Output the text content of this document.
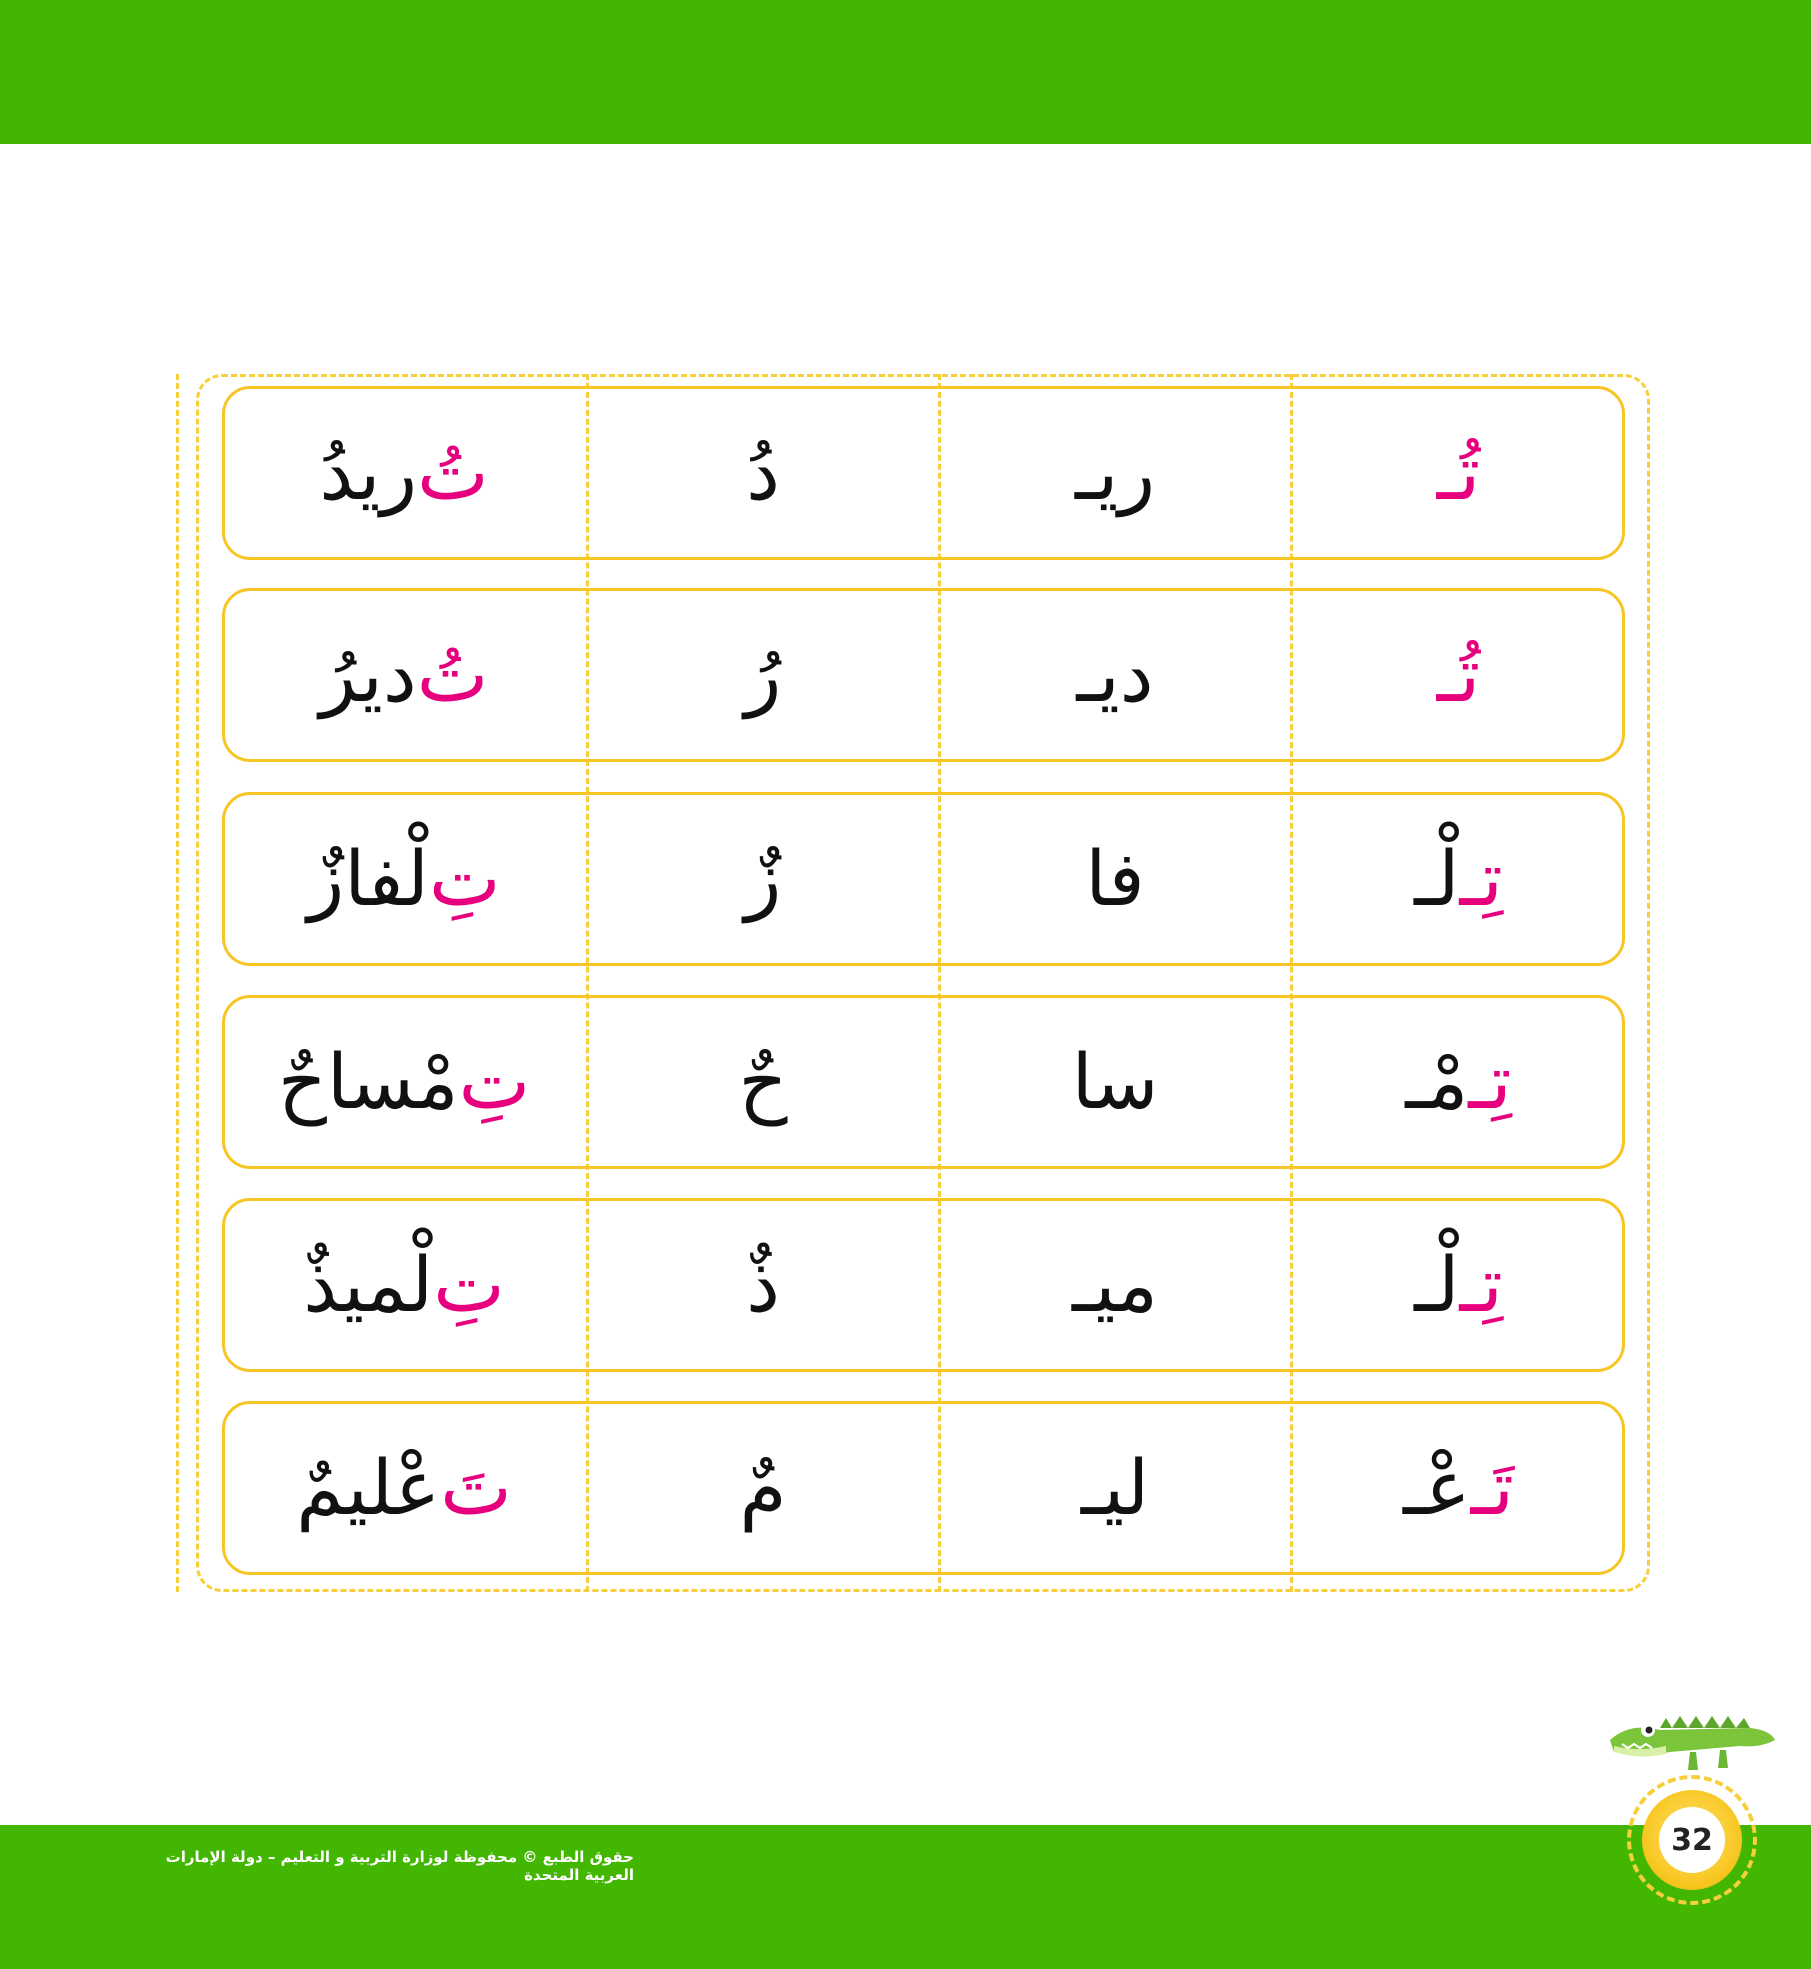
تُـ
ريـ
دُ
تُ
ريدُ
تُـ
ديـ
رُ
تُ
ديرُ
تِـ
لْـ
فا
زٌ
تِ
لْفازٌ
تِـ
مْـ
سا
حٌ
تِ
مْساحٌ
تِـ
لْـ
ميـ
ذٌ
تِ
لْميذٌ
تَـ
عْـ
ليـ
مٌ
تَ
عْليمٌ
حقوق الطبع © محفوظة لوزارة التربية و التعليم – دولة الإمارات العربية المتحدة
32
